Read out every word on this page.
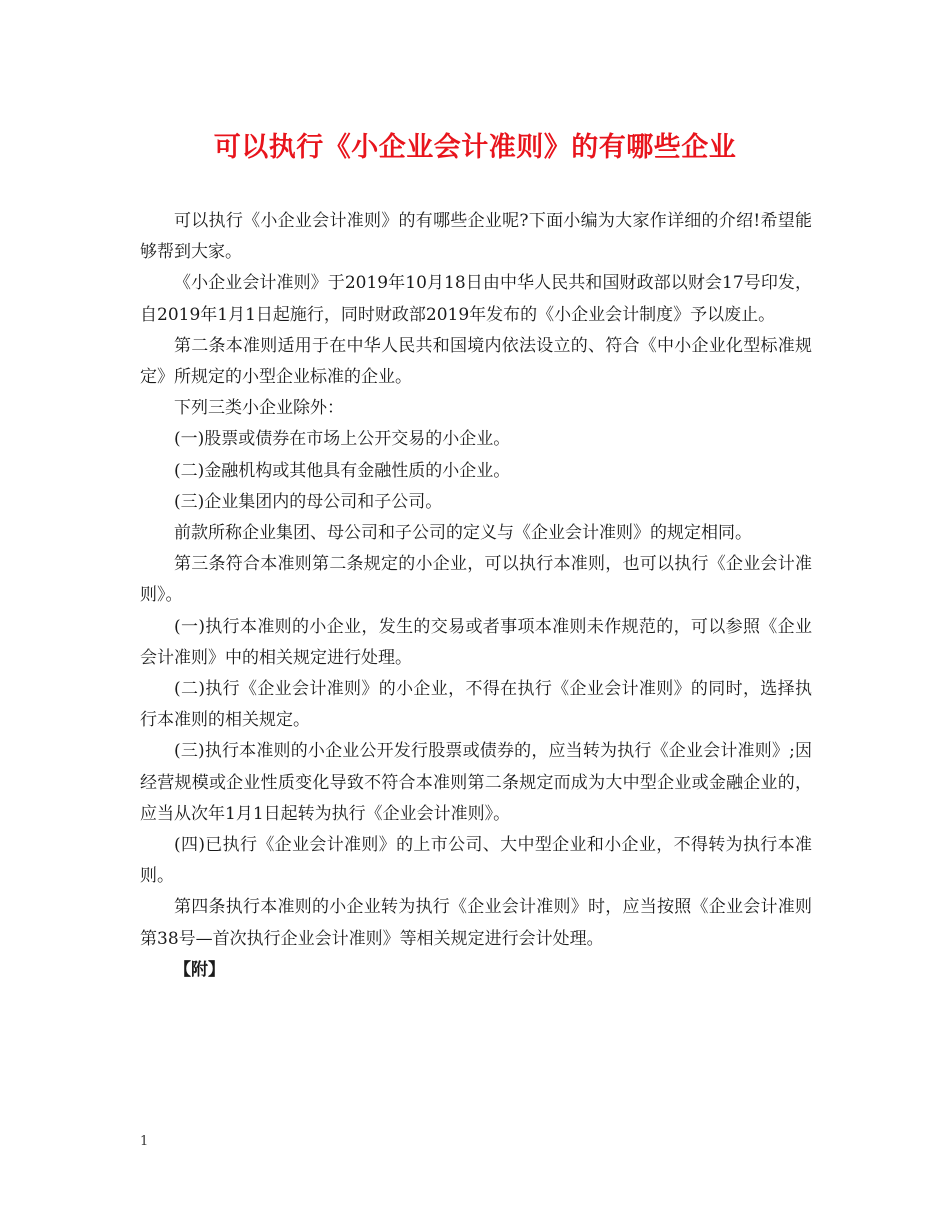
可以执行《小企业会计准则》的有哪些企业

可以执行《小企业会计准则》的有哪些企业呢?下面小编为大家作详细的介绍!希望能够帮到大家。

《小企业会计准则》于2019年10月18日由中华人民共和国财政部以财会17号印发，自2019年1月1日起施行，同时财政部2019年发布的《小企业会计制度》予以废止。

第二条本准则适用于在中华人民共和国境内依法设立的、符合《中小企业化型标准规定》所规定的小型企业标准的企业。

下列三类小企业除外：

(一)股票或债券在市场上公开交易的小企业。

(二)金融机构或其他具有金融性质的小企业。

(三)企业集团内的母公司和子公司。

前款所称企业集团、母公司和子公司的定义与《企业会计准则》的规定相同。

第三条符合本准则第二条规定的小企业，可以执行本准则，也可以执行《企业会计准则》。

(一)执行本准则的小企业，发生的交易或者事项本准则未作规范的，可以参照《企业会计准则》中的相关规定进行处理。

(二)执行《企业会计准则》的小企业，不得在执行《企业会计准则》的同时，选择执行本准则的相关规定。

(三)执行本准则的小企业公开发行股票或债券的，应当转为执行《企业会计准则》;因经营规模或企业性质变化导致不符合本准则第二条规定而成为大中型企业或金融企业的，应当从次年1月1日起转为执行《企业会计准则》。

(四)已执行《企业会计准则》的上市公司、大中型企业和小企业，不得转为执行本准则。

第四条执行本准则的小企业转为执行《企业会计准则》时，应当按照《企业会计准则第38号—首次执行企业会计准则》等相关规定进行会计处理。

【附】

1
